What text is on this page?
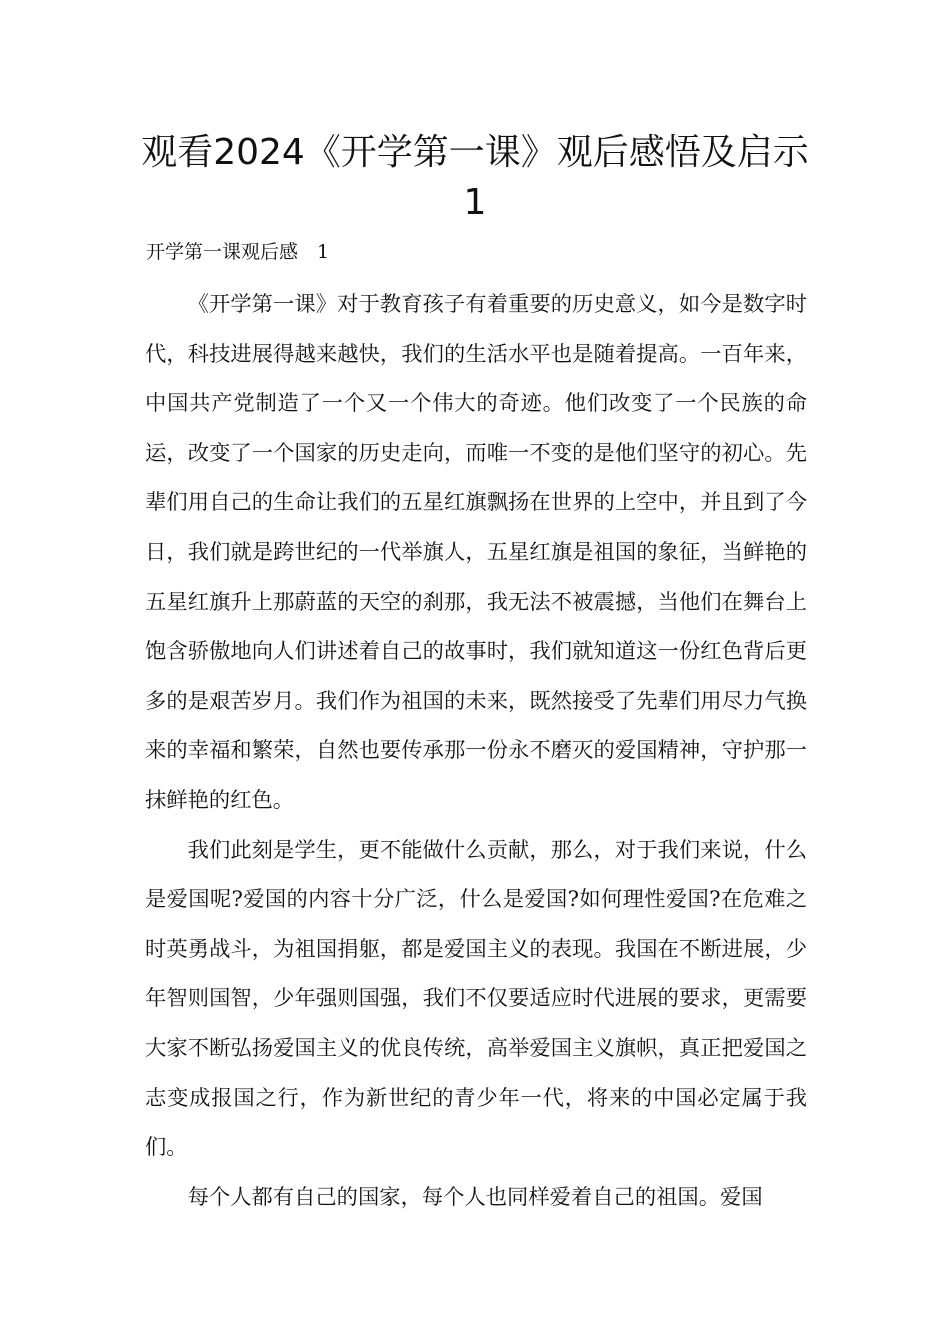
观看2024《开学第一课》观后感悟及启示1

开学第一课观后感　1

《开学第一课》对于教育孩子有着重要的历史意义，如今是数字时代，科技进展得越来越快，我们的生活水平也是随着提高。一百年来，中国共产党制造了一个又一个伟大的奇迹。他们改变了一个民族的命运，改变了一个国家的历史走向，而唯一不变的是他们坚守的初心。先辈们用自己的生命让我们的五星红旗飘扬在世界的上空中，并且到了今日，我们就是跨世纪的一代举旗人，五星红旗是祖国的象征，当鲜艳的五星红旗升上那蔚蓝的天空的刹那，我无法不被震撼，当他们在舞台上饱含骄傲地向人们讲述着自己的故事时，我们就知道这一份红色背后更多的是艰苦岁月。我们作为祖国的未来，既然接受了先辈们用尽力气换来的幸福和繁荣，自然也要传承那一份永不磨灭的爱国精神，守护那一抹鲜艳的红色。

我们此刻是学生，更不能做什么贡献，那么，对于我们来说，什么是爱国呢?爱国的内容十分广泛，什么是爱国?如何理性爱国?在危难之时英勇战斗，为祖国捐躯，都是爱国主义的表现。我国在不断进展，少年智则国智，少年强则国强，我们不仅要适应时代进展的要求，更需要大家不断弘扬爱国主义的优良传统，高举爱国主义旗帜，真正把爱国之志变成报国之行，作为新世纪的青少年一代，将来的中国必定属于我们。

每个人都有自己的国家，每个人也同样爱着自己的祖国。爱国
